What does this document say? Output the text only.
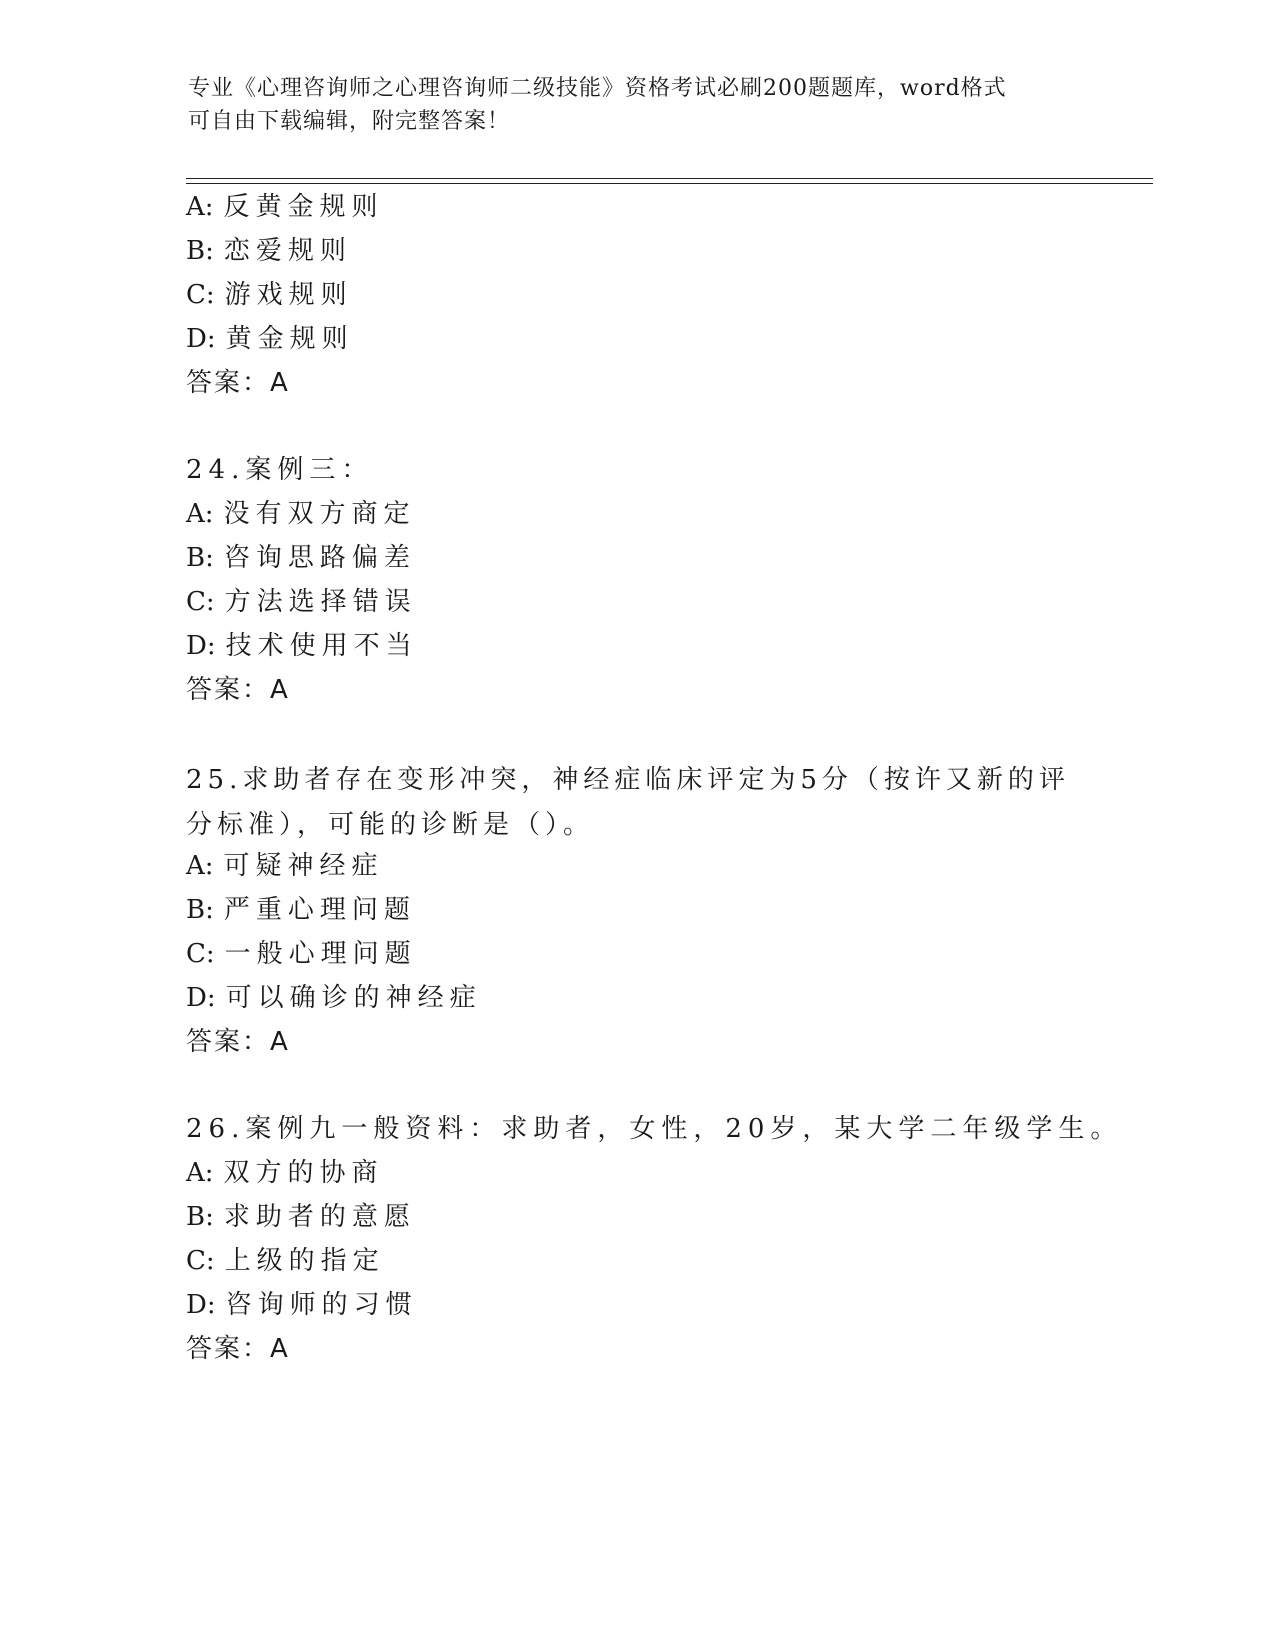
专业《心理咨询师之心理咨询师二级技能》资格考试必刷200题题库，word格式
可自由下载编辑，附完整答案！
A: 反黄金规则
B: 恋爱规则
C: 游戏规则
D: 黄金规则
答案：A
24.案例三：
A: 没有双方商定
B: 咨询思路偏差
C: 方法选择错误
D: 技术使用不当
答案：A
25.求助者存在变形冲突，神经症临床评定为5分（按许又新的评分标准），可能的诊断是（）。
A: 可疑神经症
B: 严重心理问题
C: 一般心理问题
D: 可以确诊的神经症
答案：A
26.案例九一般资料：求助者，女性，20岁，某大学二年级学生。
A: 双方的协商
B: 求助者的意愿
C: 上级的指定
D: 咨询师的习惯
答案：A
